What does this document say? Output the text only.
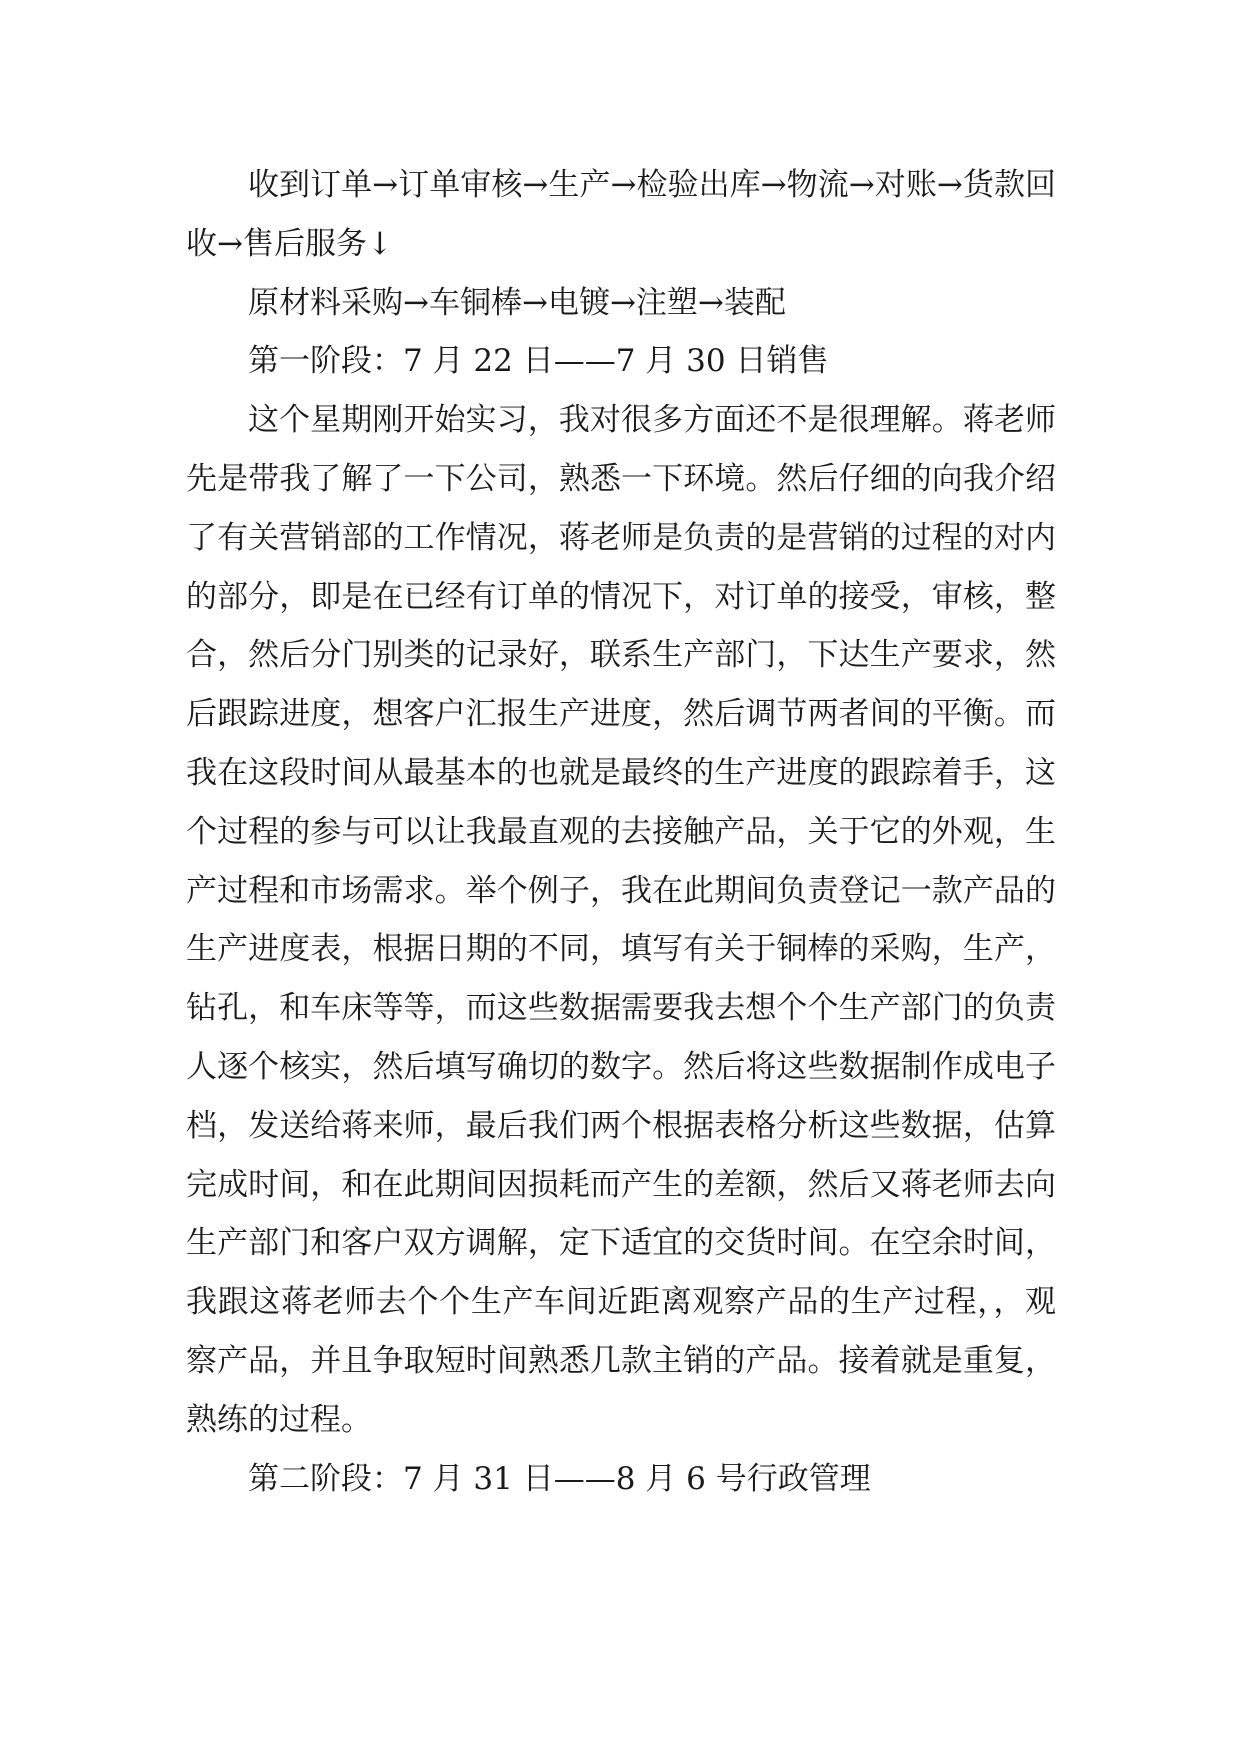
收到订单→订单审核→生产→检验出库→物流→对账→货款回收→售后服务↓

原材料采购→车铜棒→电镀→注塑→装配

第一阶段：7 月 22 日——7 月 30 日销售

这个星期刚开始实习，我对很多方面还不是很理解。蒋老师先是带我了解了一下公司，熟悉一下环境。然后仔细的向我介绍了有关营销部的工作情况，蒋老师是负责的是营销的过程的对内的部分，即是在已经有订单的情况下，对订单的接受，审核，整合，然后分门别类的记录好，联系生产部门，下达生产要求，然后跟踪进度，想客户汇报生产进度，然后调节两者间的平衡。而我在这段时间从最基本的也就是最终的生产进度的跟踪着手，这个过程的参与可以让我最直观的去接触产品，关于它的外观，生产过程和市场需求。举个例子，我在此期间负责登记一款产品的生产进度表，根据日期的不同，填写有关于铜棒的采购，生产，钻孔，和车床等等，而这些数据需要我去想个个生产部门的负责人逐个核实，然后填写确切的数字。然后将这些数据制作成电子档，发送给蒋来师，最后我们两个根据表格分析这些数据，估算完成时间，和在此期间因损耗而产生的差额，然后又蒋老师去向生产部门和客户双方调解，定下适宜的交货时间。在空余时间，我跟这蒋老师去个个生产车间近距离观察产品的生产过程，，观察产品，并且争取短时间熟悉几款主销的产品。接着就是重复，熟练的过程。

第二阶段：7 月 31 日——8 月 6 号行政管理
